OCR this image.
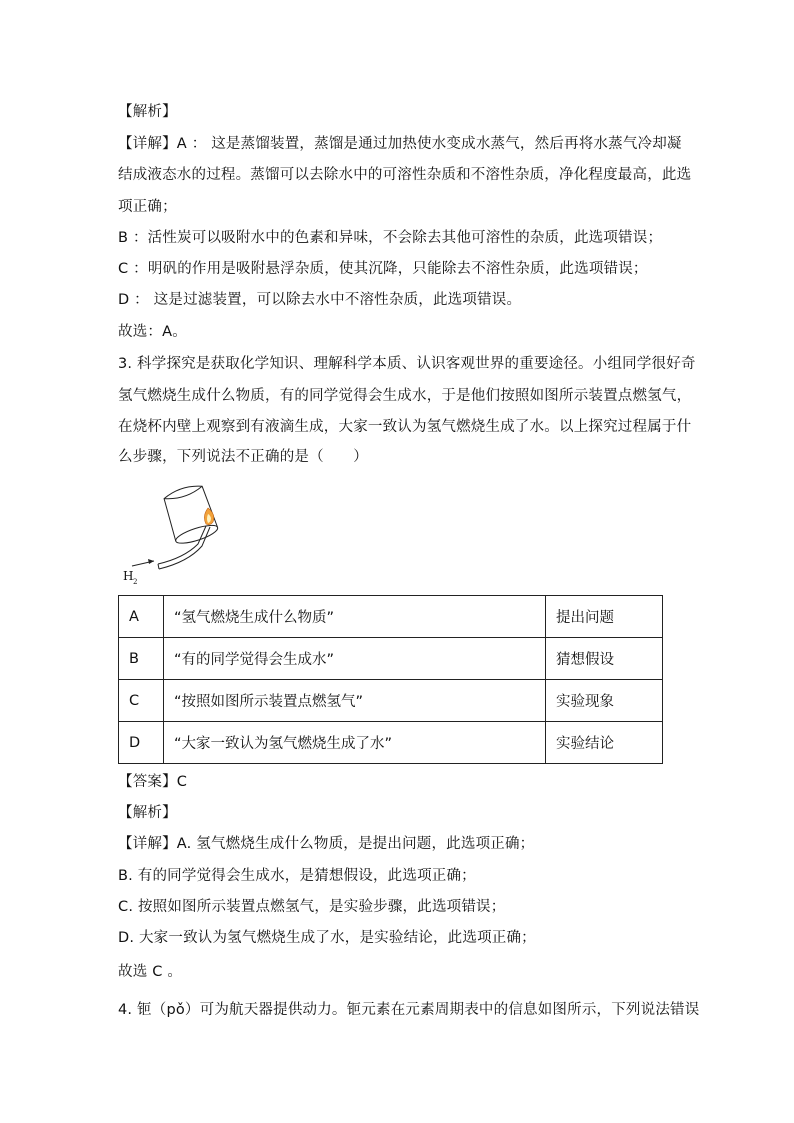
【解析】
【详解】A ： 这是蒸馏装置，蒸馏是通过加热使水变成水蒸气，然后再将水蒸气冷却凝
结成液态水的过程。蒸馏可以去除水中的可溶性杂质和不溶性杂质，净化程度最高，此选
项正确；
B ：活性炭可以吸附水中的色素和异味，不会除去其他可溶性的杂质，此选项错误；
C ：明矾的作用是吸附悬浮杂质，使其沉降，只能除去不溶性杂质，此选项错误；
D ： 这是过滤装置，可以除去水中不溶性杂质，此选项错误。
故选：A。
3. 科学探究是获取化学知识、理解科学本质、认识客观世界的重要途径。小组同学很好奇
氢气燃烧生成什么物质，有的同学觉得会生成水，于是他们按照如图所示装置点燃氢气，
在烧杯内壁上观察到有液滴生成，大家一致认为氢气燃烧生成了水。以上探究过程属于什
么步骤，下列说法不正确的是（　　）
H 2
A	“氢气燃烧生成什么物质”	提出问题
B	“有的同学觉得会生成水”	猜想假设
C	“按照如图所示装置点燃氢气”	实验现象
D	“大家一致认为氢气燃烧生成了水”	实验结论
【答案】C
【解析】
【详解】A. 氢气燃烧生成什么物质，是提出问题，此选项正确；
B. 有的同学觉得会生成水，是猜想假设，此选项正确；
C. 按照如图所示装置点燃氢气，是实验步骤，此选项错误；
D. 大家一致认为氢气燃烧生成了水，是实验结论，此选项正确；
故选 C 。
4. 钷（pǒ）可为航天器提供动力。钷元素在元素周期表中的信息如图所示，下列说法错误
